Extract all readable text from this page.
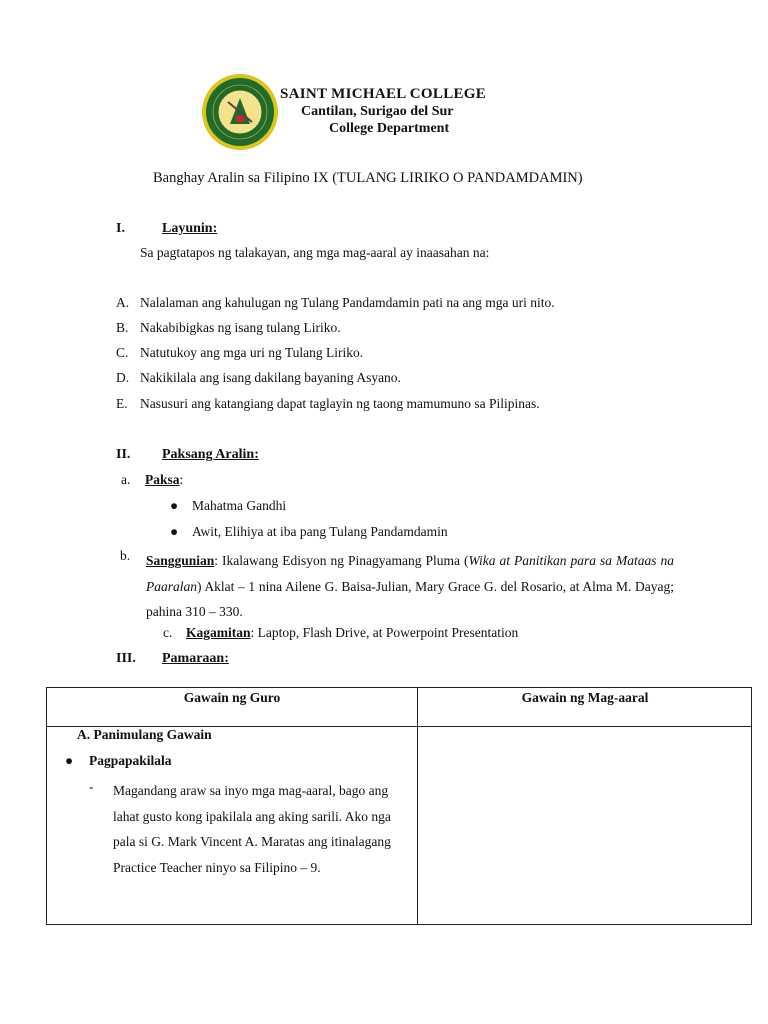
SAINT MICHAEL COLLEGE
Cantilan, Surigao del Sur
College Department
Banghay Aralin sa Filipino IX (TULANG LIRIKO O PANDAMDAMIN)
I.	Layunin:
Sa pagtatapos ng talakayan, ang mga mag-aaral ay inaasahan na:
A. Nalalaman ang kahulugan ng Tulang Pandamdamin pati na ang mga uri nito.
B. Nakabibigkas ng isang tulang Liriko.
C. Natutukoy ang mga uri ng Tulang Liriko.
D. Nakikilala ang isang dakilang bayaning Asyano.
E. Nasusuri ang katangiang dapat taglayin ng taong mamumuno sa Pilipinas.
II. Paksang Aralin:
a. Paksa:
● Mahatma Gandhi
● Awit, Elihiya at iba pang Tulang Pandamdamin
b. Sanggunian: Ikalawang Edisyon ng Pinagyamang Pluma (Wika at Panitikan para sa Mataas na Paaralan) Aklat – 1 nina Ailene G. Baisa-Julian, Mary Grace G. del Rosario, at Alma M. Dayag; pahina 310 – 330.
c. Kagamitan: Laptop, Flash Drive, at Powerpoint Presentation
III. Pamaraan:
Gawain ng Guro	Gawain ng Mag-aaral
A. Panimulang Gawain
● Pagpapakilala
- Magandang araw sa inyo mga mag-aaral, bago ang lahat gusto kong ipakilala ang aking sarili. Ako nga pala si G. Mark Vincent A. Maratas ang itinalagang Practice Teacher ninyo sa Filipino – 9.
